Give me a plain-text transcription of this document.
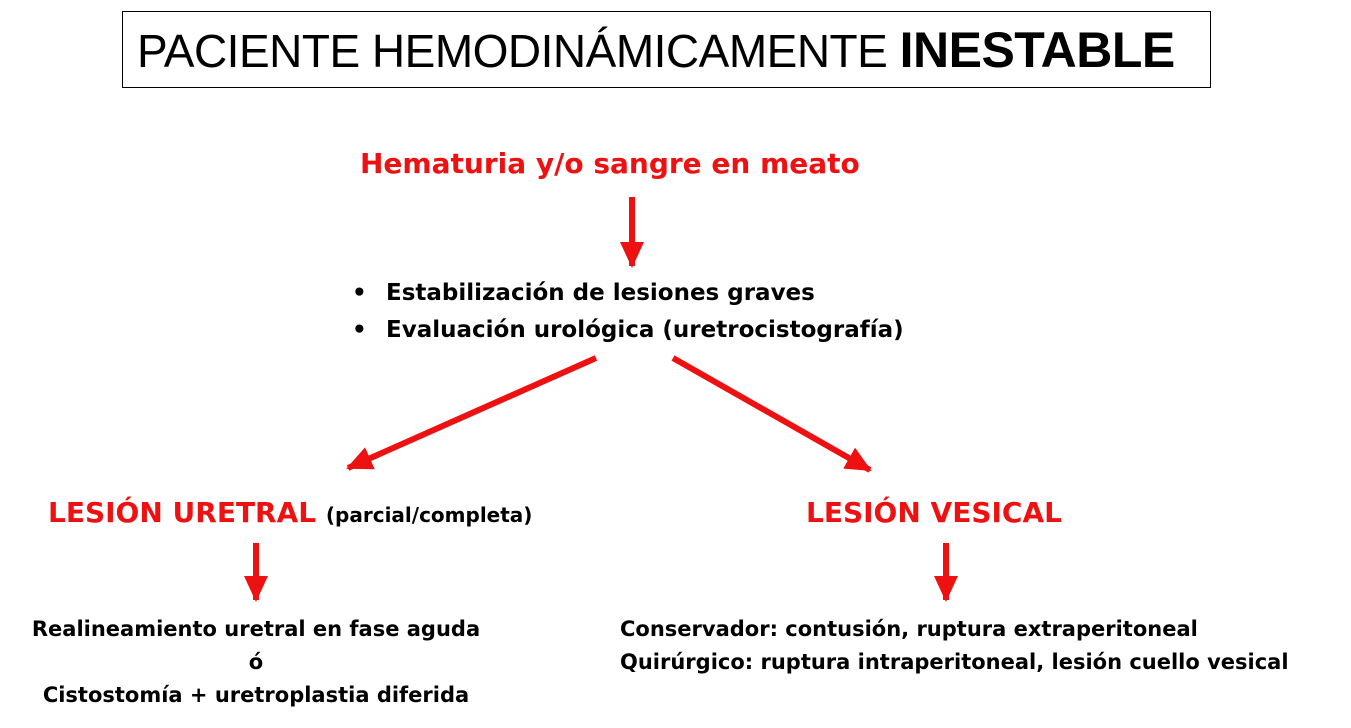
PACIENTE HEMODINÁMICAMENTE INESTABLE

Hematuria y/o sangre en meato

• Estabilización de lesiones graves
• Evaluación urológica (uretrocistografía)
LESIÓN URETRAL (parcial/completa)	LESIÓN VESICAL
Realineamiento uretral en fase aguda
ó
Cistostomía + uretroplastia diferida
Conservador: contusión, ruptura extraperitoneal
Quirúrgico: ruptura intraperitoneal, lesión cuello vesical
